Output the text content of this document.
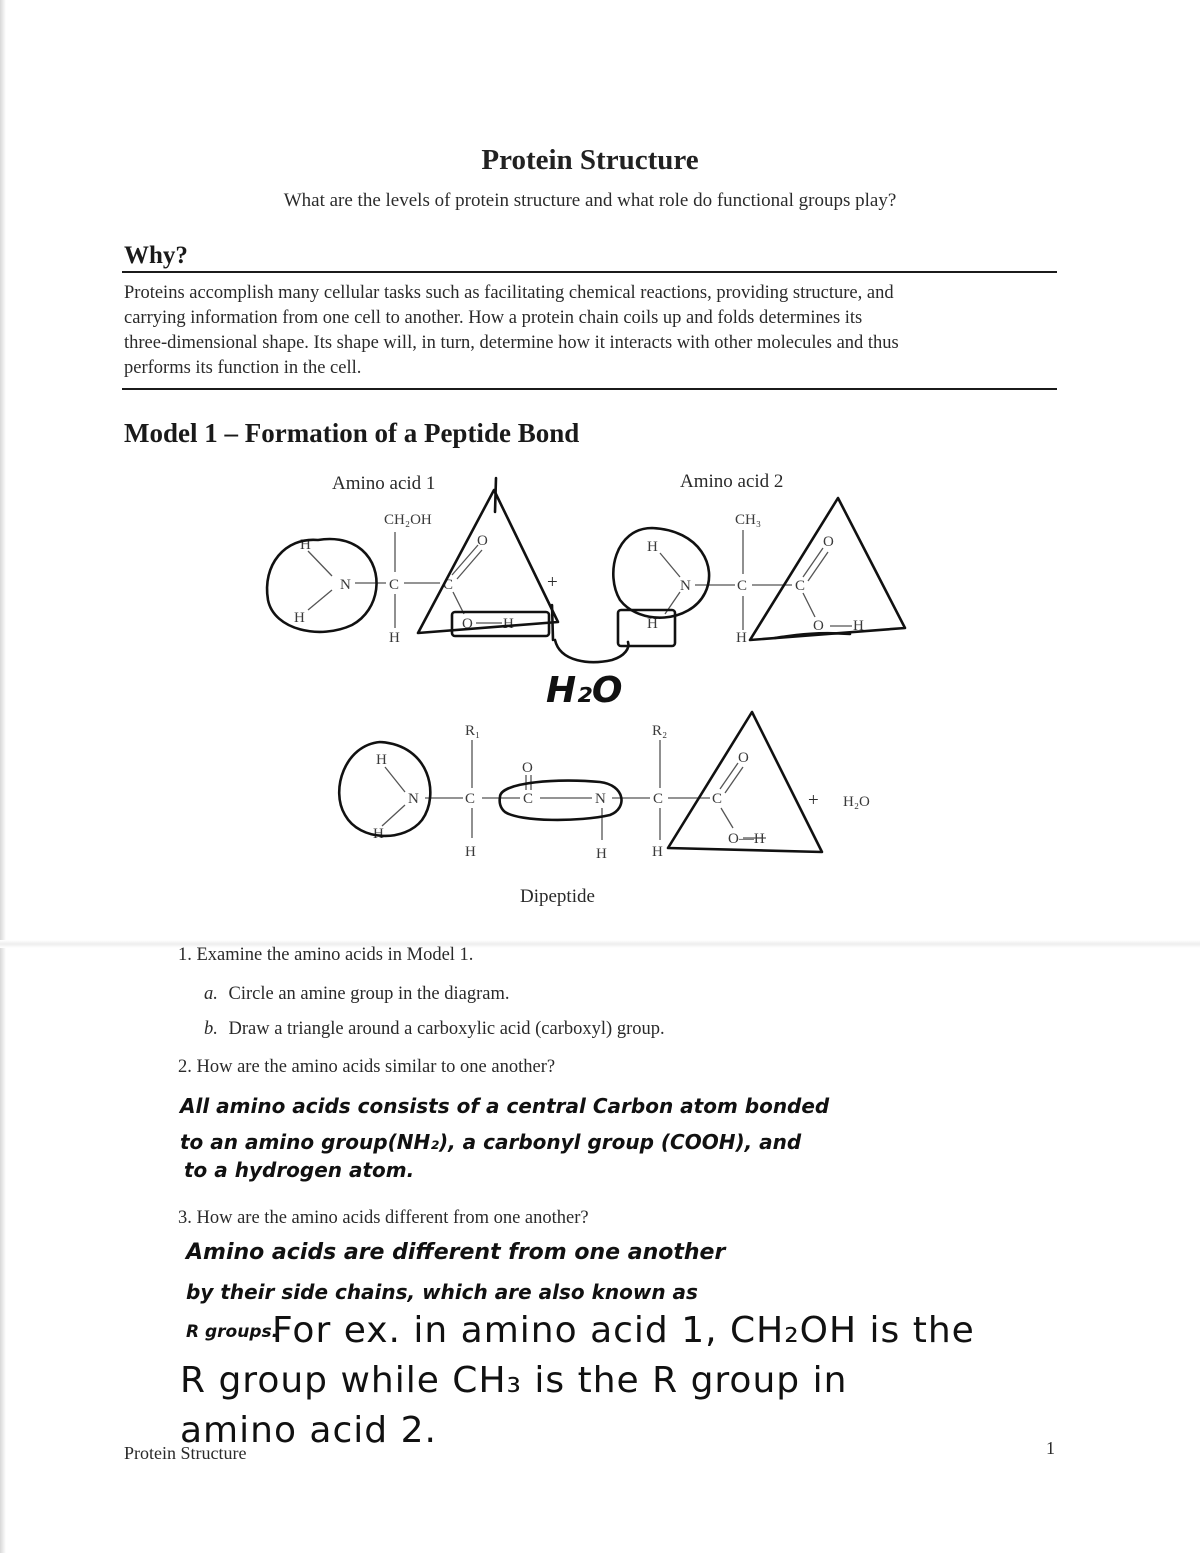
Protein Structure
What are the levels of protein structure and what role do functional groups play?
Why?
Proteins accomplish many cellular tasks such as facilitating chemical reactions, providing structure, and
carrying information from one cell to another. How a protein chain coils up and folds determines its
three-dimensional shape. Its shape will, in turn, determine how it interacts with other molecules and thus
performs its function in the cell.
Model 1 – Formation of a Peptide Bond
Amino acid 1	Amino acid 2
CH₂OH	CH₃
H
H
N	C
H
C
O
O H
+
H
H
N	C
H
C
O
O H
H₂O
R₁	R₂
O
H
H
N	C
H
C	N
H
C
H
C
O
O—H
+ H₂O
Dipeptide
1. Examine the amino acids in Model 1.
a. Circle an amine group in the diagram.
b. Draw a triangle around a carboxylic acid (carboxyl) group.
2. How are the amino acids similar to one another?
All amino acids consists of a central Carbon atom bonded
to an amino group(NH₂), a carbonyl group (COOH), and
to a hydrogen atom.
3. How are the amino acids different from one another?
Amino acids are different from one another
by their side chains, which are also known as
R groups.
For ex. in amino acid 1, CH₂OH is the
R group while CH₃ is the R group in
amino acid 2.
Protein Structure	1
